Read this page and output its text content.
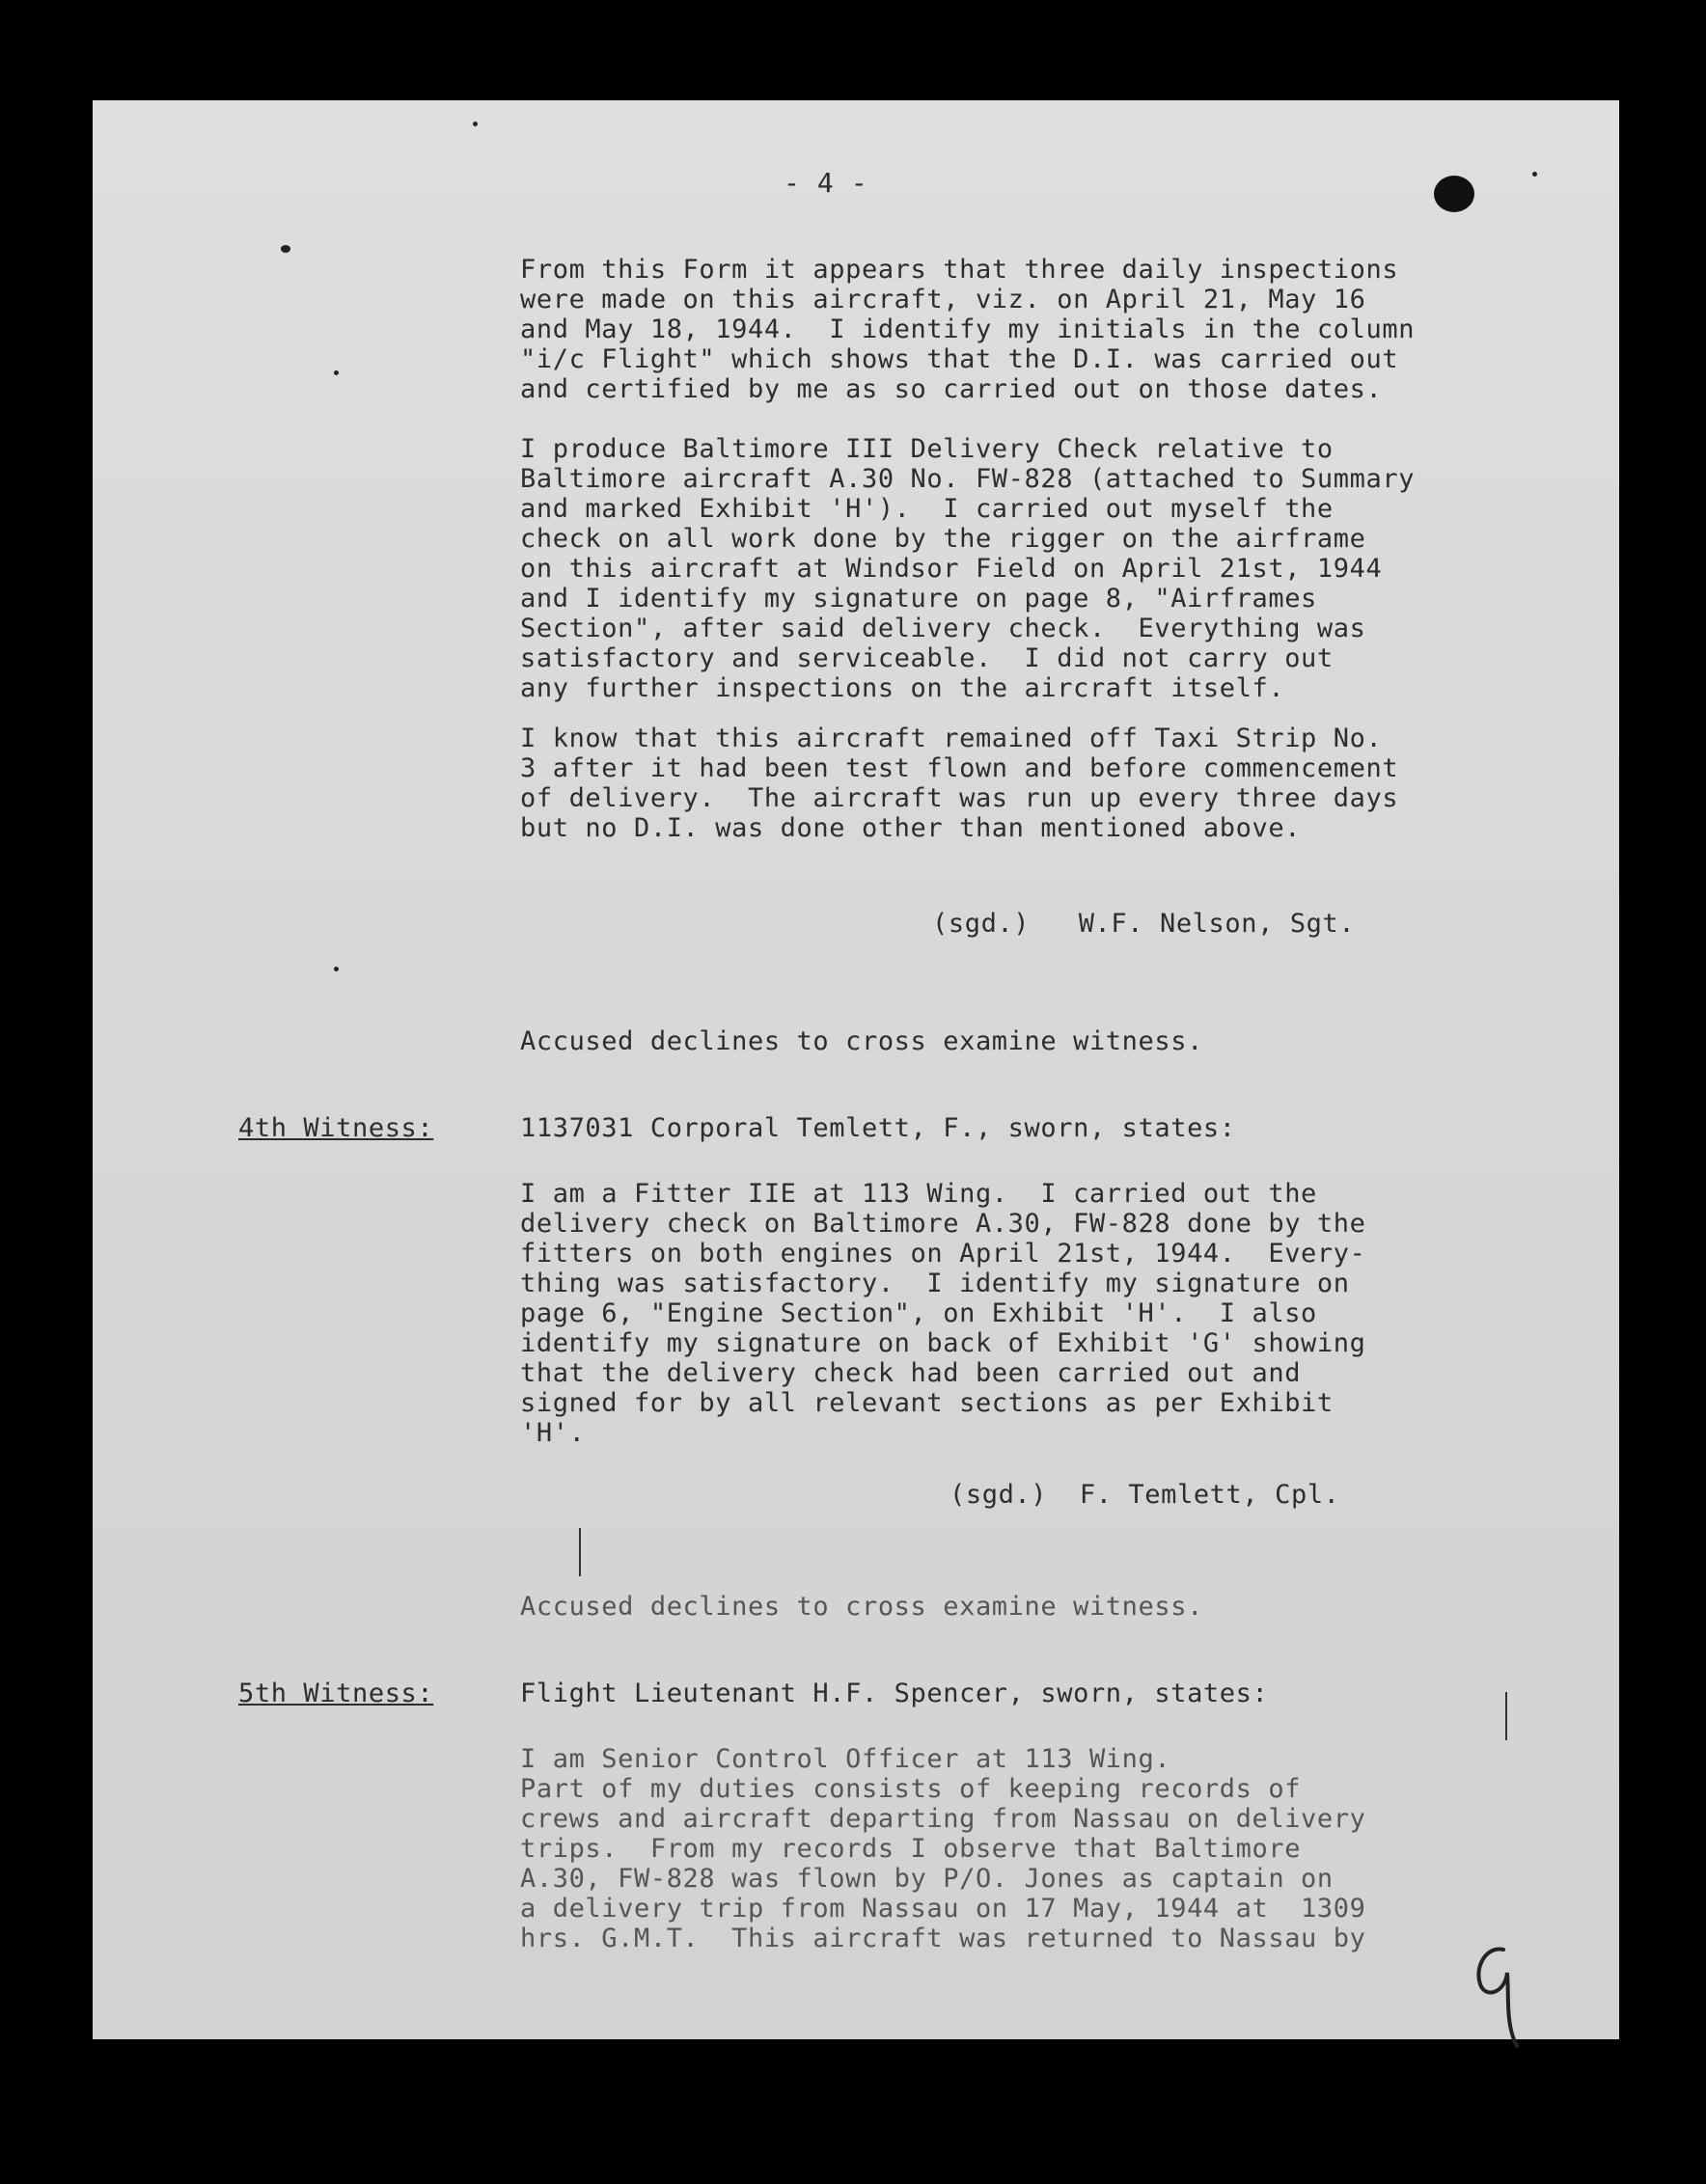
- 4 -
From this Form it appears that three daily inspections
were made on this aircraft, viz. on April 21, May 16
and May 18, 1944.  I identify my initials in the column
"i/c Flight" which shows that the D.I. was carried out
and certified by me as so carried out on those dates.
I produce Baltimore III Delivery Check relative to
Baltimore aircraft A.30 No. FW-828 (attached to Summary
and marked Exhibit 'H').  I carried out myself the
check on all work done by the rigger on the airframe
on this aircraft at Windsor Field on April 21st, 1944
and I identify my signature on page 8, "Airframes
Section", after said delivery check.  Everything was
satisfactory and serviceable.  I did not carry out
any further inspections on the aircraft itself.
I know that this aircraft remained off Taxi Strip No.
3 after it had been test flown and before commencement
of delivery.  The aircraft was run up every three days
but no D.I. was done other than mentioned above.
(sgd.)   W.F. Nelson, Sgt.
Accused declines to cross examine witness.
4th Witness:	1137031 Corporal Temlett, F., sworn, states:
I am a Fitter IIE at 113 Wing.  I carried out the
delivery check on Baltimore A.30, FW-828 done by the
fitters on both engines on April 21st, 1944.  Every-
thing was satisfactory.  I identify my signature on
page 6, "Engine Section", on Exhibit 'H'.  I also
identify my signature on back of Exhibit 'G' showing
that the delivery check had been carried out and
signed for by all relevant sections as per Exhibit
'H'.
(sgd.)  F. Temlett, Cpl.
Accused declines to cross examine witness.
5th Witness:	Flight Lieutenant H.F. Spencer, sworn, states:
I am Senior Control Officer at 113 Wing.
Part of my duties consists of keeping records of
crews and aircraft departing from Nassau on delivery
trips.  From my records I observe that Baltimore
A.30, FW-828 was flown by P/O. Jones as captain on
a delivery trip from Nassau on 17 May, 1944 at  1309
hrs. G.M.T.  This aircraft was returned to Nassau by
